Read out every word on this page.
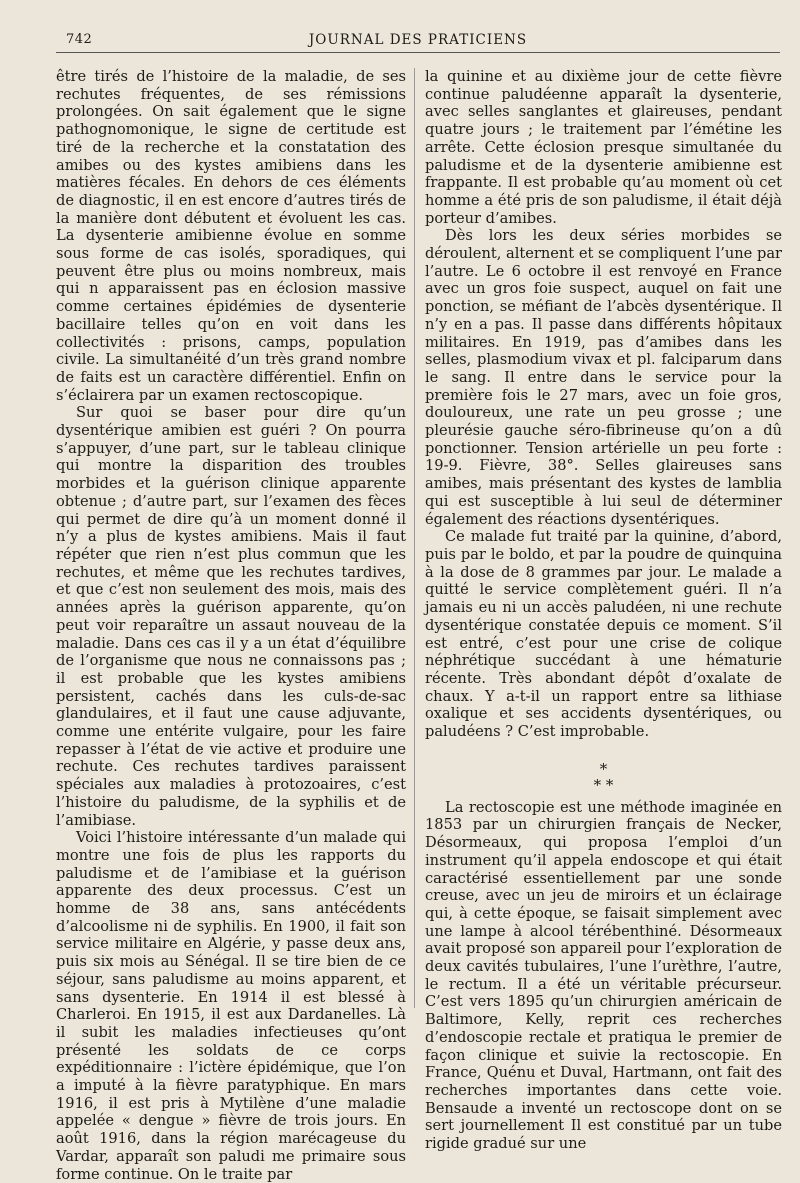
742	JOURNAL DES PRATICIENS

être tirés de l’histoire de la maladie, de ses rechutes fréquentes, de ses rémissions prolongées. On sait également que le signe pathognomonique, le signe de certitude est tiré de la recherche et la constatation des amibes ou des kystes amibiens dans les matières fécales. En dehors de ces éléments de diagnostic, il en est encore d’autres tirés de la manière dont débutent et évoluent les cas. La dysenterie amibienne évolue en somme sous forme de cas isolés, sporadiques, qui peuvent être plus ou moins nombreux, mais qui n apparaissent pas en éclosion massive comme certaines épidémies de dysenterie bacillaire telles qu’on en voit dans les collectivités : prisons, camps, population civile. La simultanéité d’un très grand nombre de faits est un caractère différentiel. Enfin on s’éclairera par un examen rectoscopique.

Sur quoi se baser pour dire qu’un dysentérique amibien est guéri ? On pourra s’appuyer, d’une part, sur le tableau clinique qui montre la disparition des troubles morbides et la guérison clinique apparente obtenue ; d’autre part, sur l’examen des fèces qui permet de dire qu’à un moment donné il n’y a plus de kystes amibiens. Mais il faut répéter que rien n’est plus commun que les rechutes, et même que les rechutes tardives, et que c’est non seulement des mois, mais des années après la guérison apparente, qu’on peut voir reparaître un assaut nouveau de la maladie. Dans ces cas il y a un état d’équilibre de l’organisme que nous ne connaissons pas ; il est probable que les kystes amibiens persistent, cachés dans les culs-de-sac glandulaires, et il faut une cause adjuvante, comme une entérite vulgaire, pour les faire repasser à l’état de vie active et produire une rechute. Ces rechutes tardives paraissent spéciales aux maladies à protozoaires, c’est l’histoire du paludisme, de la syphilis et de l’amibiase.

Voici l’histoire intéressante d’un malade qui montre une fois de plus les rapports du paludisme et de l’amibiase et la guérison apparente des deux processus. C’est un homme de 38 ans, sans antécédents d’alcoolisme ni de syphilis. En 1900, il fait son service militaire en Algérie, y passe deux ans, puis six mois au Sénégal. Il se tire bien de ce séjour, sans paludisme au moins apparent, et sans dysenterie. En 1914 il est blessé à Charleroi. En 1915, il est aux Dardanelles. Là il subit les maladies infectieuses qu’ont présenté les soldats de ce corps expéditionnaire : l’ictère épidémique, que l’on a imputé à la fièvre paratyphique. En mars 1916, il est pris à Mytilène d’une maladie appelée « dengue » fièvre de trois jours. En août 1916, dans la région marécageuse du Vardar, apparaît son paludi me primaire sous forme continue. On le traite par

la quinine et au dixième jour de cette fièvre continue paludéenne apparaît la dysenterie, avec selles sanglantes et glaireuses, pendant quatre jours ; le traitement par l’émétine les arrête. Cette éclosion presque simultanée du paludisme et de la dysenterie amibienne est frappante. Il est probable qu’au moment où cet homme a été pris de son paludisme, il était déjà porteur d’amibes.

Dès lors les deux séries morbides se déroulent, alternent et se compliquent l’une par l’autre. Le 6 octobre il est renvoyé en France avec un gros foie suspect, auquel on fait une ponction, se méfiant de l’abcès dysentérique. Il n’y en a pas. Il passe dans différents hôpitaux militaires. En 1919, pas d’amibes dans les selles, plasmodium vivax et pl. falciparum dans le sang. Il entre dans le service pour la première fois le 27 mars, avec un foie gros, douloureux, une rate un peu grosse ; une pleurésie gauche séro-fibrineuse qu’on a dû ponctionner. Tension artérielle un peu forte : 19-9. Fièvre, 38°. Selles glaireuses sans amibes, mais présentant des kystes de lamblia qui est susceptible à lui seul de déterminer également des réactions dysentériques.

Ce malade fut traité par la quinine, d’abord, puis par le boldo, et par la poudre de quinquina à la dose de 8 grammes par jour. Le malade a quitté le service complètement guéri. Il n’a jamais eu ni un accès paludéen, ni une rechute dysentérique constatée depuis ce moment. S’il est entré, c’est pour une crise de colique néphrétique succédant à une hématurie récente. Très abondant dépôt d’oxalate de chaux. Y a-t-il un rapport entre sa lithiase oxalique et ses accidents dysentériques, ou paludéens ? C’est improbable.

*
* *

La rectoscopie est une méthode imaginée en 1853 par un chirurgien français de Necker, Désormeaux, qui proposa l’emploi d’un instrument qu’il appela endoscope et qui était caractérisé essentiellement par une sonde creuse, avec un jeu de miroirs et un éclairage qui, à cette époque, se faisait simplement avec une lampe à alcool térébenthiné. Désormeaux avait proposé son appareil pour l’exploration de deux cavités tubulaires, l’une l’urèthre, l’autre, le rectum. Il a été un véritable précurseur. C’est vers 1895 qu’un chirurgien américain de Baltimore, Kelly, reprit ces recherches d’endoscopie rectale et pratiqua le premier de façon clinique et suivie la rectoscopie. En France, Quénu et Duval, Hartmann, ont fait des recherches importantes dans cette voie. Bensaude a inventé un rectoscope dont on se sert journellement Il est constitué par un tube rigide gradué sur une
